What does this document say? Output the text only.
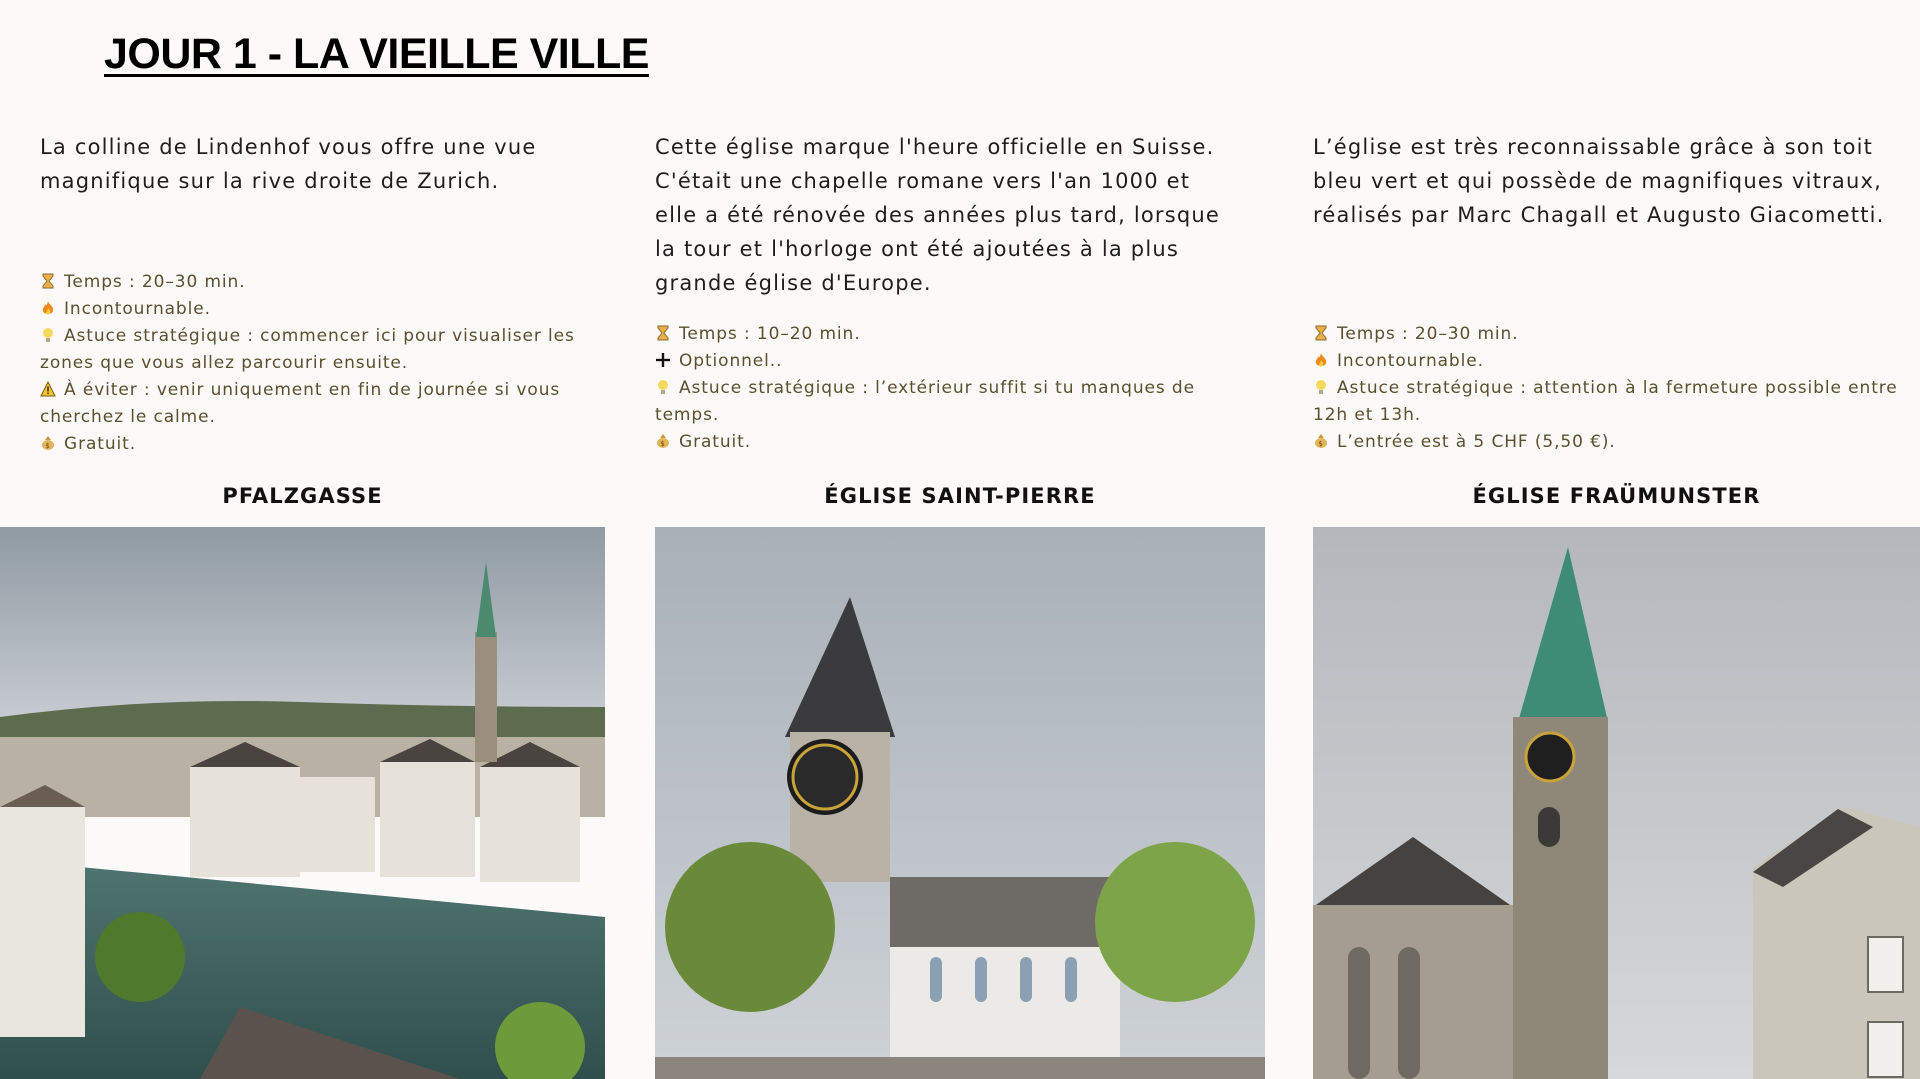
JOUR 1 - LA VIEILLE VILLE

La colline de Lindenhof vous offre une vue magnifique sur la rive droite de Zurich.

Temps : 20–30 min.
Incontournable.
Astuce stratégique : commencer ici pour visualiser les zones que vous allez parcourir ensuite.
À éviter : venir uniquement en fin de journée si vous cherchez le calme.
$ Gratuit.
PFALZGASSE

Cette église marque l'heure officielle en Suisse. C'était une chapelle romane vers l'an 1000 et elle a été rénovée des années plus tard, lorsque la tour et l'horloge ont été ajoutées à la plus grande église d'Europe.

Temps : 10–20 min.
Optionnel..
Astuce stratégique : l’extérieur suffit si tu manques de temps.
$ Gratuit.
ÉGLISE SAINT-PIERRE

L’église est très reconnaissable grâce à son toit bleu vert et qui possède de magnifiques vitraux, réalisés par Marc Chagall et Augusto Giacometti.

Temps : 20–30 min.
Incontournable.
Astuce stratégique : attention à la fermeture possible entre 12h et 13h.
$ L’entrée est à 5 CHF (5,50 €).
ÉGLISE FRAÜMUNSTER
